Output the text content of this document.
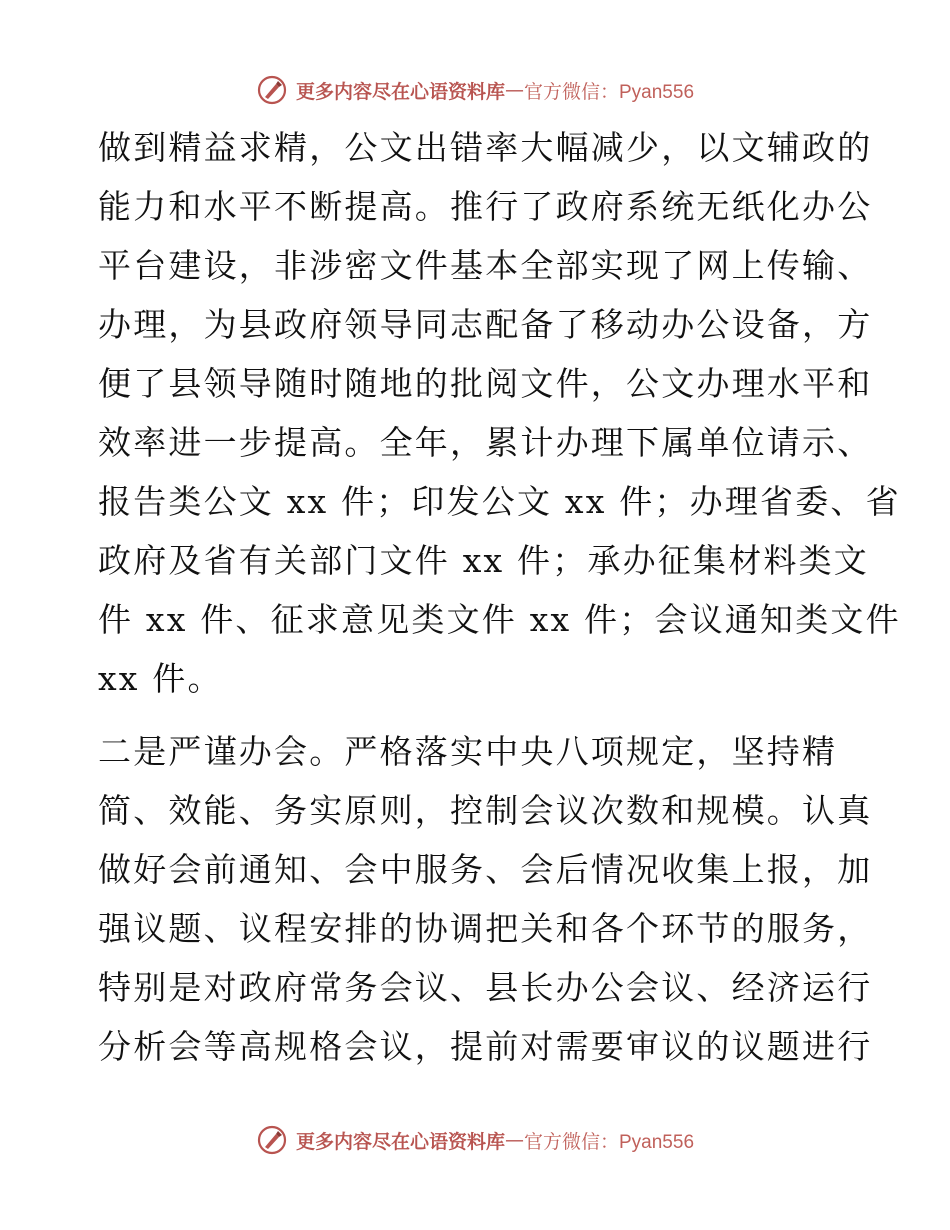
更多内容尽在心语资料库 — 官方微信：Pyan556
做到精益求精，公文出错率大幅减少，以文辅政的
能力和水平不断提高。推行了政府系统无纸化办公
平台建设，非涉密文件基本全部实现了网上传输、
办理，为县政府领导同志配备了移动办公设备，方
便了县领导随时随地的批阅文件，公文办理水平和
效率进一步提高。全年，累计办理下属单位请示、
报告类公文 xx 件；印发公文 xx 件；办理省委、省
政府及省有关部门文件 xx 件；承办征集材料类文
件 xx 件、征求意见类文件 xx 件；会议通知类文件
xx 件。
二是严谨办会。严格落实中央八项规定，坚持精
简、效能、务实原则，控制会议次数和规模。认真
做好会前通知、会中服务、会后情况收集上报，加
强议题、议程安排的协调把关和各个环节的服务，
特别是对政府常务会议、县长办公会议、经济运行
分析会等高规格会议，提前对需要审议的议题进行
更多内容尽在心语资料库 — 官方微信：Pyan556
